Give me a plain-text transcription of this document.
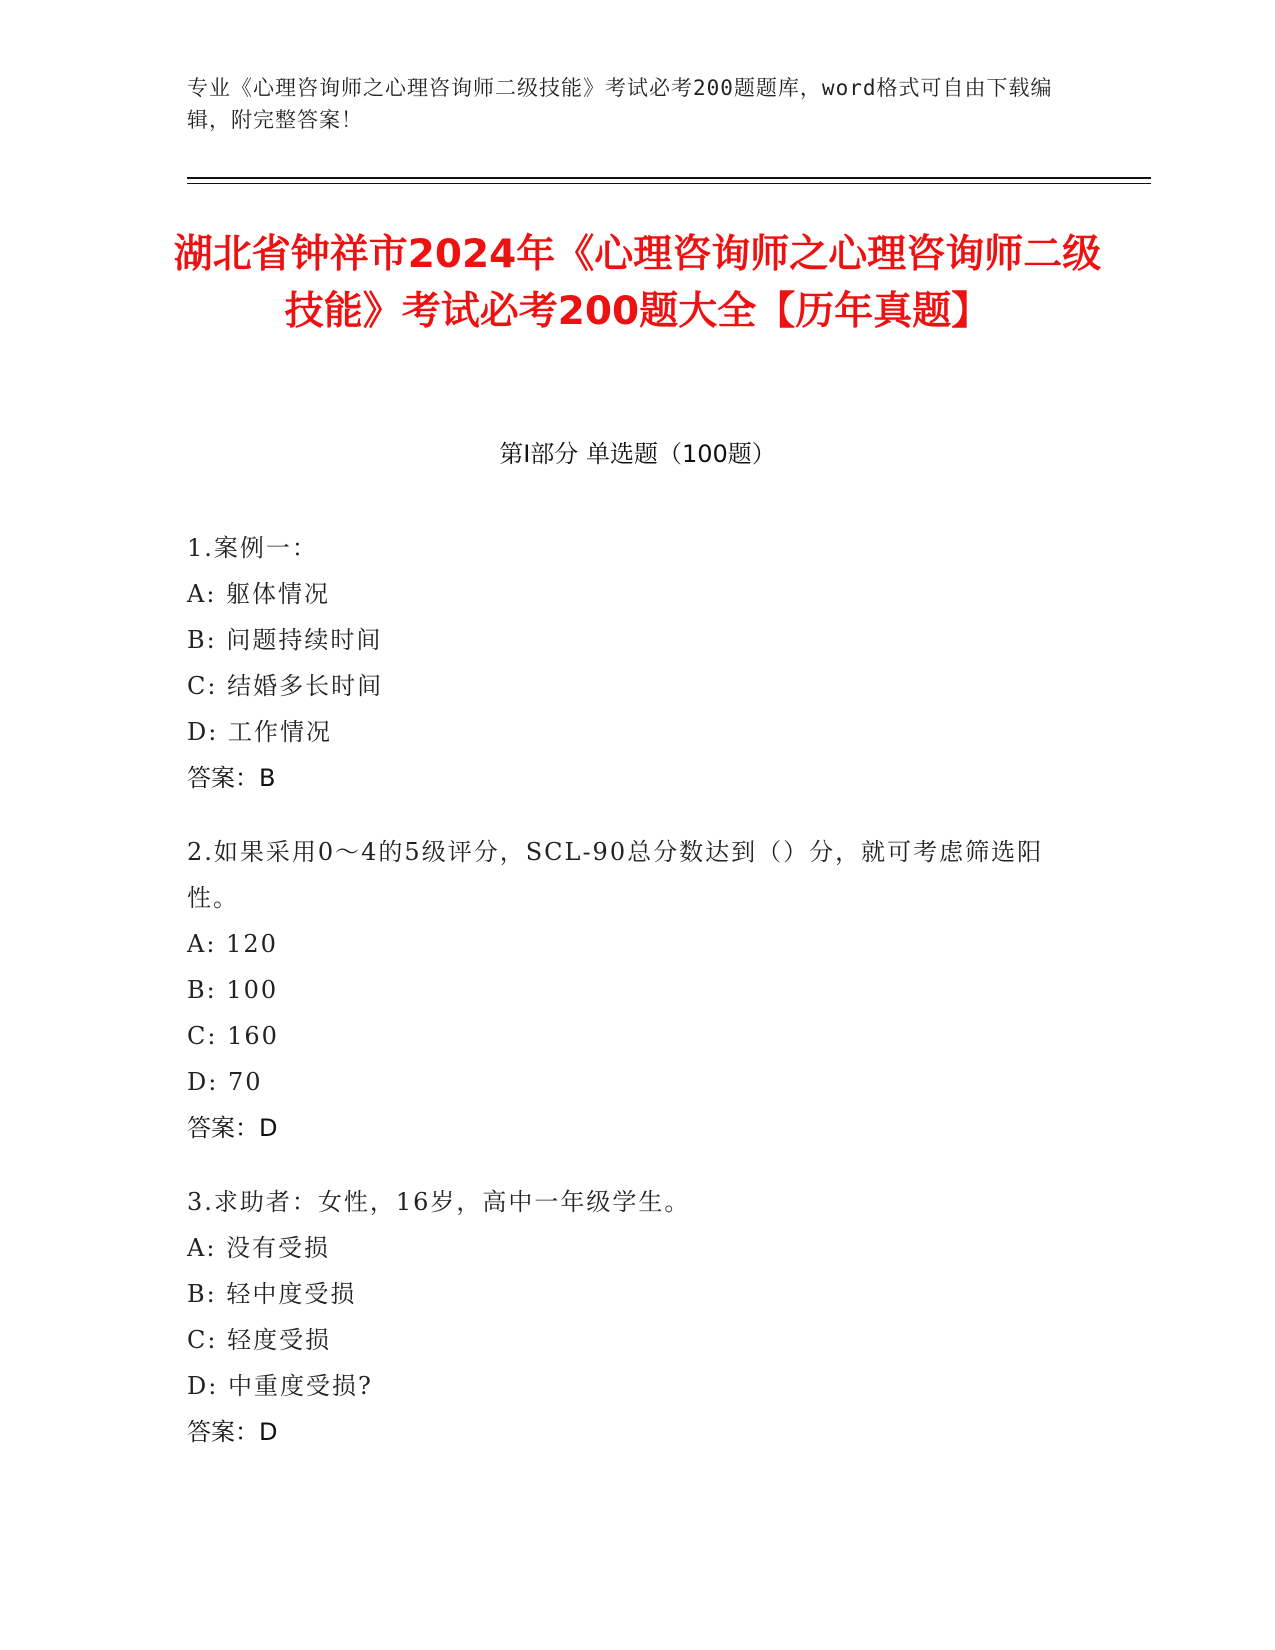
专业《心理咨询师之心理咨询师二级技能》考试必考200题题库，word格式可自由下载编辑，附完整答案！
湖北省钟祥市2024年《心理咨询师之心理咨询师二级技能》考试必考200题大全【历年真题】
第I部分 单选题（100题）
1.案例一：
A: 躯体情况
B: 问题持续时间
C: 结婚多长时间
D: 工作情况
答案：B
2.如果采用0～4的5级评分，SCL-90总分数达到（）分，就可考虑筛选阳性。
A: 120
B: 100
C: 160
D: 70
答案：D
3.求助者：女性，16岁，高中一年级学生。
A: 没有受损
B: 轻中度受损
C: 轻度受损
D: 中重度受损?
答案：D
